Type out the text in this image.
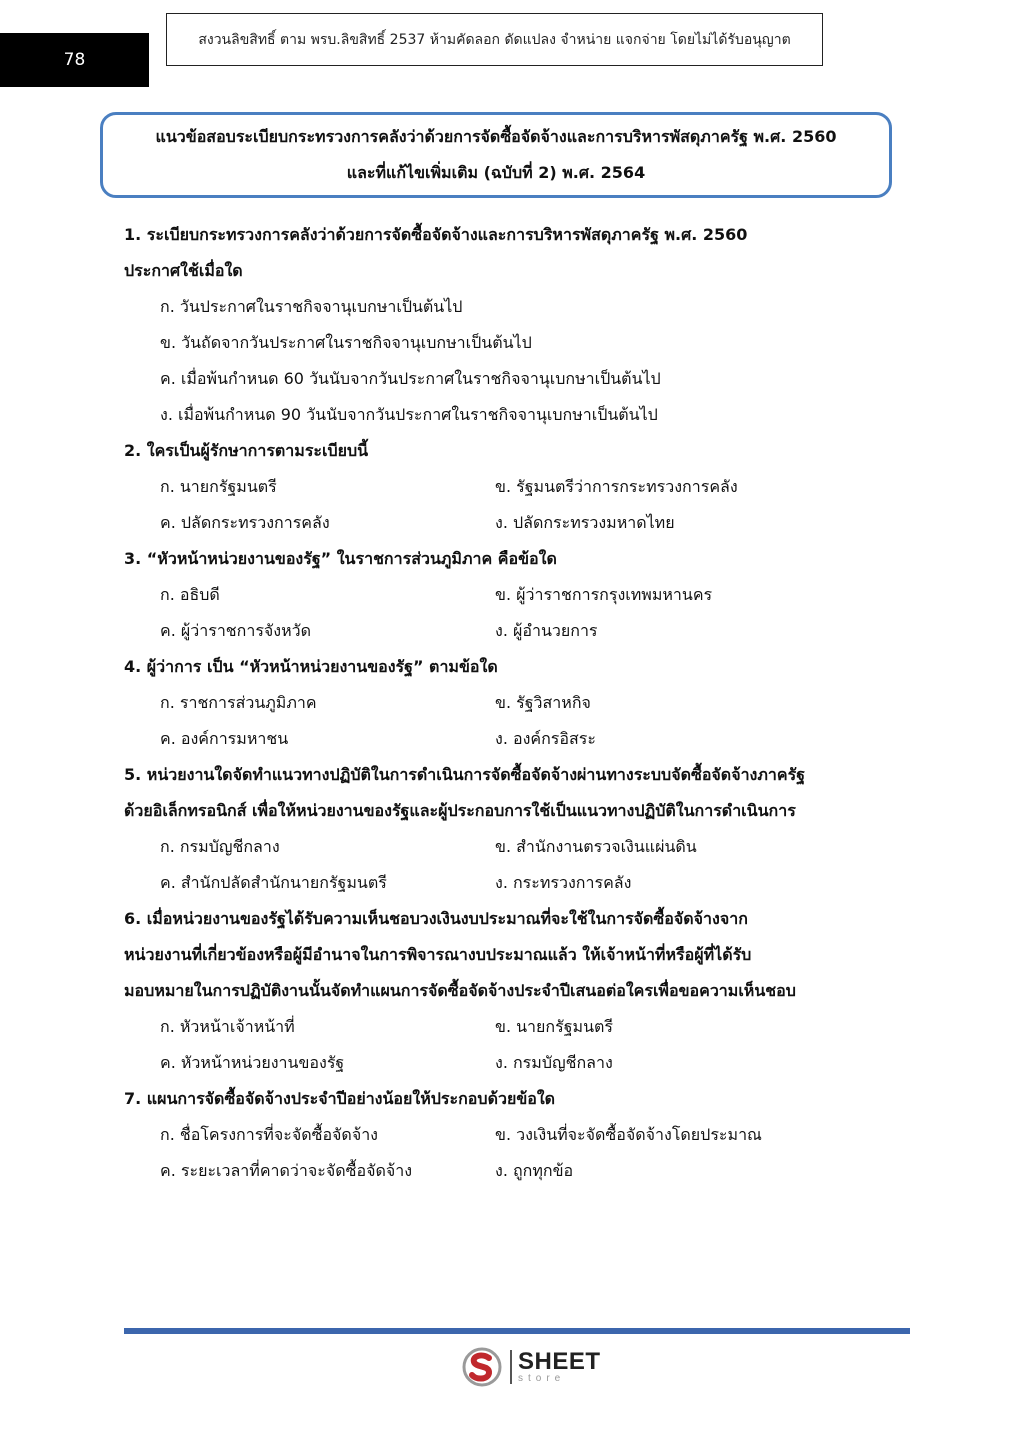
78
สงวนลิขสิทธิ์ ตาม พรบ.ลิขสิทธิ์ 2537 ห้ามคัดลอก ดัดแปลง จำหน่าย แจกจ่าย โดยไม่ได้รับอนุญาต
แนวข้อสอบระเบียบกระทรวงการคลังว่าด้วยการจัดซื้อจัดจ้างและการบริหารพัสดุภาครัฐ พ.ศ. 2560
และที่แก้ไขเพิ่มเติม (ฉบับที่ 2) พ.ศ. 2564

1. ระเบียบกระทรวงการคลังว่าด้วยการจัดซื้อจัดจ้างและการบริหารพัสดุภาครัฐ พ.ศ. 2560

ประกาศใช้เมื่อใด

ก. วันประกาศในราชกิจจานุเบกษาเป็นต้นไป

ข. วันถัดจากวันประกาศในราชกิจจานุเบกษาเป็นต้นไป

ค. เมื่อพ้นกำหนด 60 วันนับจากวันประกาศในราชกิจจานุเบกษาเป็นต้นไป

ง. เมื่อพ้นกำหนด 90 วันนับจากวันประกาศในราชกิจจานุเบกษาเป็นต้นไป

2. ใครเป็นผู้รักษาการตามระเบียบนี้

ก. นายกรัฐมนตรี	ข. รัฐมนตรีว่าการกระทรวงการคลัง
ค. ปลัดกระทรวงการคลัง	ง. ปลัดกระทรวงมหาดไทย

3. “หัวหน้าหน่วยงานของรัฐ” ในราชการส่วนภูมิภาค คือข้อใด

ก. อธิบดี	ข. ผู้ว่าราชการกรุงเทพมหานคร
ค. ผู้ว่าราชการจังหวัด	ง. ผู้อำนวยการ

4. ผู้ว่าการ เป็น “หัวหน้าหน่วยงานของรัฐ” ตามข้อใด

ก. ราชการส่วนภูมิภาค	ข. รัฐวิสาหกิจ
ค. องค์การมหาชน	ง. องค์กรอิสระ

5. หน่วยงานใดจัดทำแนวทางปฏิบัติในการดำเนินการจัดซื้อจัดจ้างผ่านทางระบบจัดซื้อจัดจ้างภาครัฐ

ด้วยอิเล็กทรอนิกส์ เพื่อให้หน่วยงานของรัฐและผู้ประกอบการใช้เป็นแนวทางปฏิบัติในการดำเนินการ

ก. กรมบัญชีกลาง	ข. สำนักงานตรวจเงินแผ่นดิน
ค. สำนักปลัดสำนักนายกรัฐมนตรี	ง. กระทรวงการคลัง

6. เมื่อหน่วยงานของรัฐได้รับความเห็นชอบวงเงินงบประมาณที่จะใช้ในการจัดซื้อจัดจ้างจาก

หน่วยงานที่เกี่ยวข้องหรือผู้มีอำนาจในการพิจารณางบประมาณแล้ว ให้เจ้าหน้าที่หรือผู้ที่ได้รับ

มอบหมายในการปฏิบัติงานนั้นจัดทำแผนการจัดซื้อจัดจ้างประจำปีเสนอต่อใครเพื่อขอความเห็นชอบ

ก. หัวหน้าเจ้าหน้าที่	ข. นายกรัฐมนตรี
ค. หัวหน้าหน่วยงานของรัฐ	ง. กรมบัญชีกลาง

7. แผนการจัดซื้อจัดจ้างประจำปีอย่างน้อยให้ประกอบด้วยข้อใด

ก. ชื่อโครงการที่จะจัดซื้อจัดจ้าง	ข. วงเงินที่จะจัดซื้อจัดจ้างโดยประมาณ
ค. ระยะเวลาที่คาดว่าจะจัดซื้อจัดจ้าง	ง. ถูกทุกข้อ
SHEET
store
